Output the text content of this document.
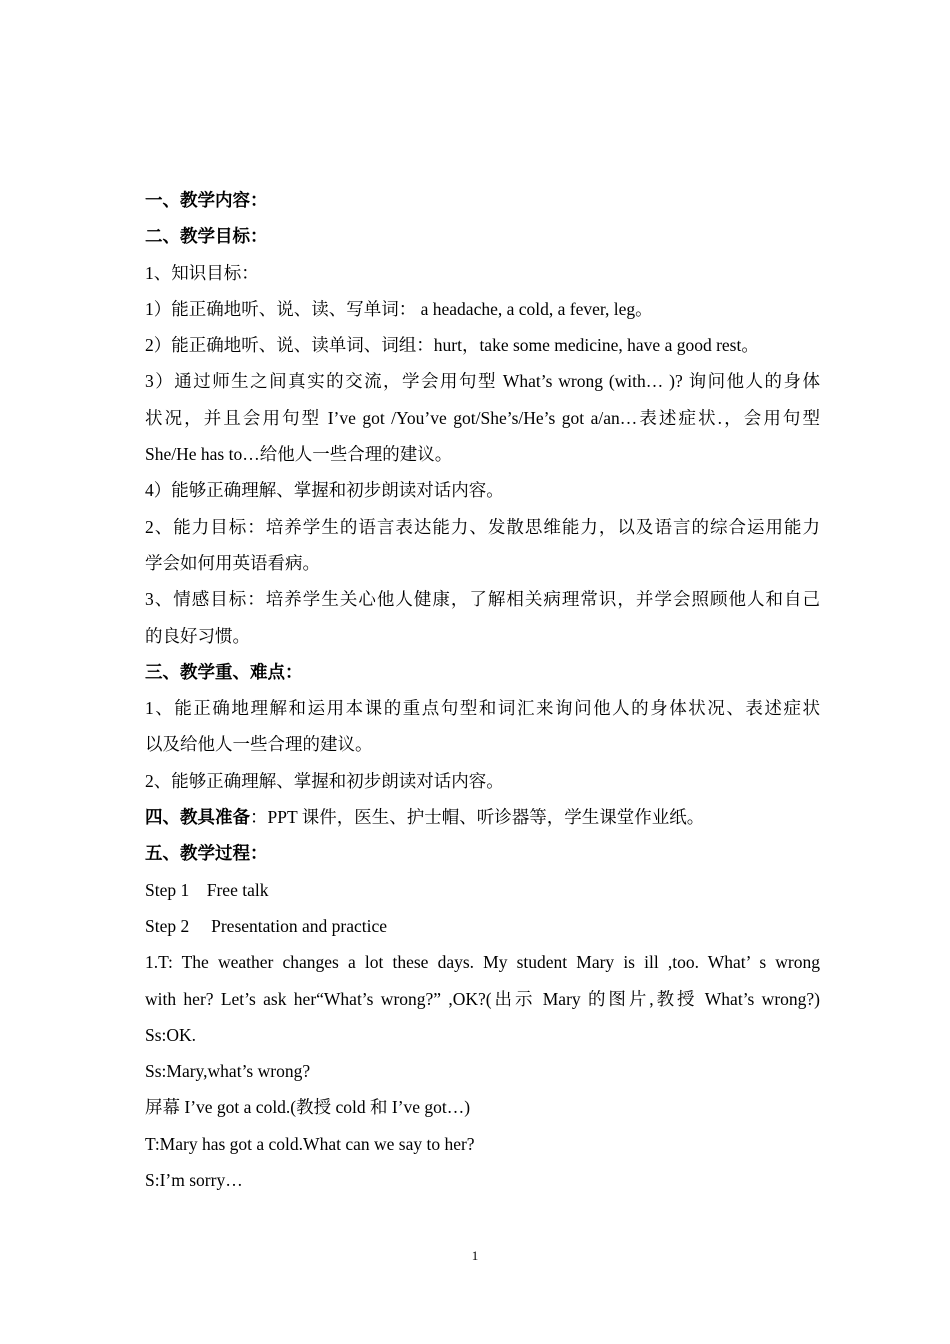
一、教学内容：
二、教学目标：
1、知识目标：
1）能正确地听、说、读、写单词： a headache, a cold, a fever, leg。
2）能正确地听、说、读单词、词组：hurt，take some medicine, have a good rest。
3）通过师生之间真实的交流，学会用句型 What’s wrong (with… )? 询问他人的身体
状况，并且会用句型 I’ve got /You’ve got/She’s/He’s got a/an…表述症状.，会用句型
She/He has to…给他人一些合理的建议。
4）能够正确理解、掌握和初步朗读对话内容。
2、能力目标：培养学生的语言表达能力、发散思维能力，以及语言的综合运用能力
学会如何用英语看病。
3、情感目标：培养学生关心他人健康，了解相关病理常识，并学会照顾他人和自己
的良好习惯。
三、教学重、难点：
1、能正确地理解和运用本课的重点句型和词汇来询问他人的身体状况、表述症状
以及给他人一些合理的建议。
2、能够正确理解、掌握和初步朗读对话内容。
四、教具准备：PPT 课件，医生、护士帽、听诊器等，学生课堂作业纸。
五、教学过程：
Step 1    Free talk
Step 2     Presentation and practice
1.T: The weather changes a lot these days. My student Mary is ill ,too. What’ s wrong
with her? Let’s ask her“What’s wrong?” ,OK?(出示 Mary 的图片,教授 What’s wrong?)
Ss:OK.
Ss:Mary,what’s wrong?
屏幕 I’ve got a cold.(教授 cold 和 I’ve got…)
T:Mary has got a cold.What can we say to her?
S:I’m sorry…
1
